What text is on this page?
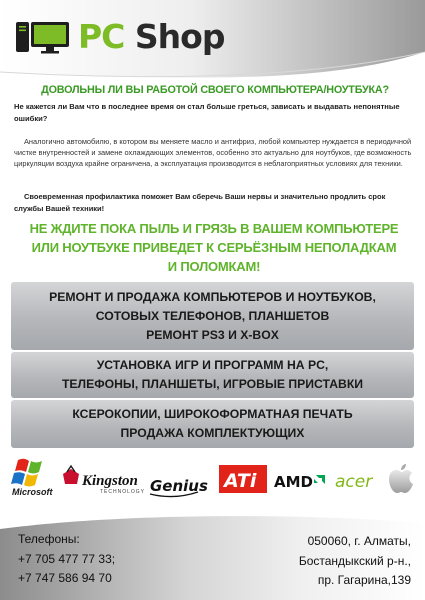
PC Shop
ДОВОЛЬНЫ ЛИ ВЫ РАБОТОЙ СВОЕГО КОМПЬЮТЕРА/НОУТБУКА?
Не кажется ли Вам что в последнее время он стал больше греться, зависать и выдавать непонятные ошибки?
Аналогично автомобилю, в котором вы меняете масло и антифриз, любой компьютер нуждается в периодичной чистке внутренностей и замене охлаждающих элементов, особенно это актуально для ноутбуков, где возможность циркуляции воздуха крайне ограничена, а эксплуатация производится в неблагоприятных условиях для техники.
Своевременная профилактика поможет Вам сберечь Ваши нервы и значительно продлить срок службы Вашей техники!
НЕ ЖДИТЕ ПОКА ПЫЛЬ И ГРЯЗЬ В ВАШЕМ КОМПЬЮТЕРЕ
ИЛИ НОУТБУКЕ ПРИВЕДЕТ К СЕРЬЁЗНЫМ НЕПОЛАДКАМ
И ПОЛОМКАМ!
РЕМОНТ И ПРОДАЖА КОМПЬЮТЕРОВ И НОУТБУКОВ,
СОТОВЫХ ТЕЛЕФОНОВ, ПЛАНШЕТОВ
РЕМОНТ PS3 И X-BOX
УСТАНОВКА ИГР И ПРОГРАММ НА PC,
ТЕЛЕФОНЫ, ПЛАНШЕТЫ, ИГРОВЫЕ ПРИСТАВКИ
КСЕРОКОПИИ, ШИРОКОФОРМАТНАЯ ПЕЧАТЬ
ПРОДАЖА КОМПЛЕКТУЮЩИХ
Microsoft
Kingston
TECHNOLOGY Genius ATi AMD acer
Телефоны:
+7 705 477 77 33;
+7 747 586 94 70
050060, г. Алматы,
Бостандыкский р-н.,
пр. Гагарина,139
